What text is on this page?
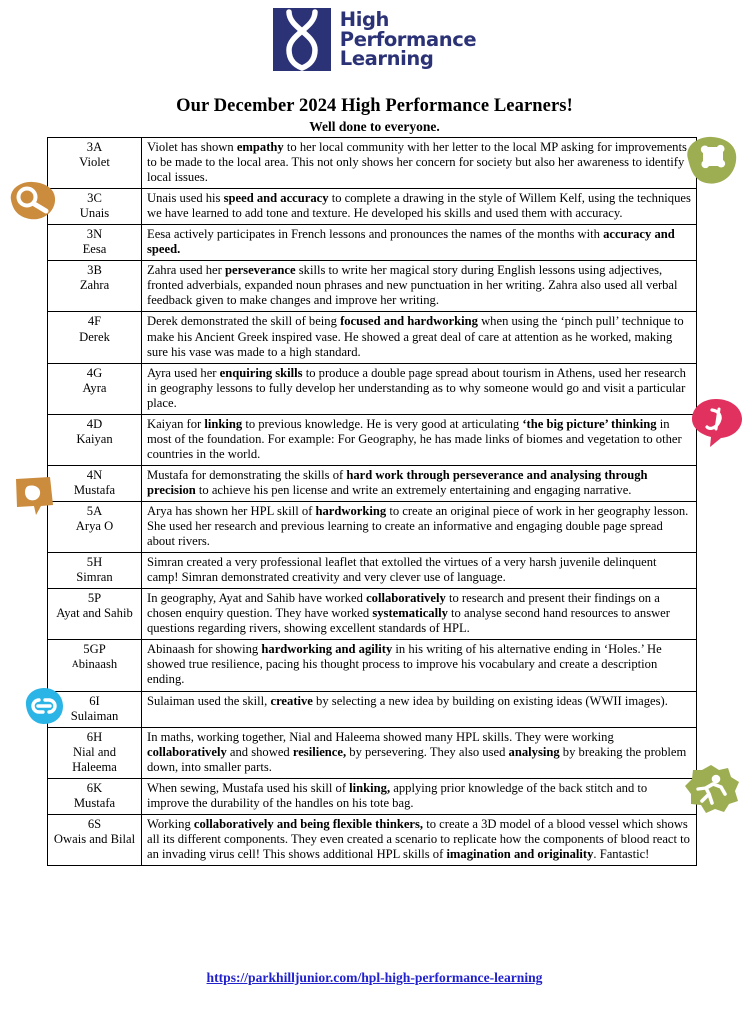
High
Performance
Learning
Our December 2024 High Performance Learners!
Well done to everyone.
3A
Violet	Violet has shown empathy to her local community with her letter to the local MP asking for improvements to be made to the local area. This not only shows her concern for society but also her awareness to identify local issues.

3C
Unais	Unais used his speed and accuracy to complete a drawing in the style of Willem Kelf, using the techniques we have learned to add tone and texture. He developed his skills and used them with accuracy.

3N
Eesa	Eesa actively participates in French lessons and pronounces the names of the months with accuracy and speed.

3B
Zahra	Zahra used her perseverance skills to write her magical story during English lessons using adjectives, fronted adverbials, expanded noun phrases and new punctuation in her writing. Zahra also used all verbal feedback given to make changes and improve her writing.

4F
Derek	Derek demonstrated the skill of being focused and hardworking when using the ‘pinch pull’ technique to make his Ancient Greek inspired vase. He showed a great deal of care at attention as he worked, making sure his vase was made to a high standard.

4G
Ayra	Ayra used her enquiring skills to produce a double page spread about tourism in Athens, used her research in geography lessons to fully develop her understanding as to why someone would go and visit a particular place.

4D
Kaiyan	Kaiyan for linking to previous knowledge. He is very good at articulating ‘the big picture’ thinking in most of the foundation. For example: For Geography, he has made links of biomes and vegetation to other countries in the world.

4N
Mustafa	Mustafa for demonstrating the skills of hard work through perseverance and analysing through precision to achieve his pen license and write an extremely entertaining and engaging narrative.

5A
Arya O	Arya has shown her HPL skill of hardworking to create an original piece of work in her geography lesson. She used her research and previous learning to create an informative and engaging double page spread about rivers.

5H
Simran	Simran created a very professional leaflet that extolled the virtues of a very harsh juvenile delinquent camp! Simran demonstrated creativity and very clever use of language.

5P
Ayat and Sahib	In geography, Ayat and Sahib have worked collaboratively to research and present their findings on a chosen enquiry question. They have worked systematically to analyse second hand resources to answer questions regarding rivers, showing excellent standards of HPL.

5GP
Abinaash	Abinaash for showing hardworking and agility in his writing of his alternative ending in ‘Holes.’ He showed true resilience, pacing his thought process to improve his vocabulary and create a description ending.

6I
Sulaiman	Sulaiman used the skill, creative by selecting a new idea by building on existing ideas (WWII images).

6H
Nial and Haleema	In maths, working together, Nial and Haleema showed many HPL skills. They were working collaboratively and showed resilience, by persevering. They also used analysing by breaking the problem down, into smaller parts.

6K
Mustafa	When sewing, Mustafa used his skill of linking, applying prior knowledge of the back stitch and to improve the durability of the handles on his tote bag.

6S
Owais and Bilal	Working collaboratively and being flexible thinkers, to create a 3D model of a blood vessel which shows all its different components. They even created a scenario to replicate how the components of blood react to an invading virus cell! This shows additional HPL skills of imagination and originality. Fantastic!
https://parkhilljunior.com/hpl-high-performance-learning
